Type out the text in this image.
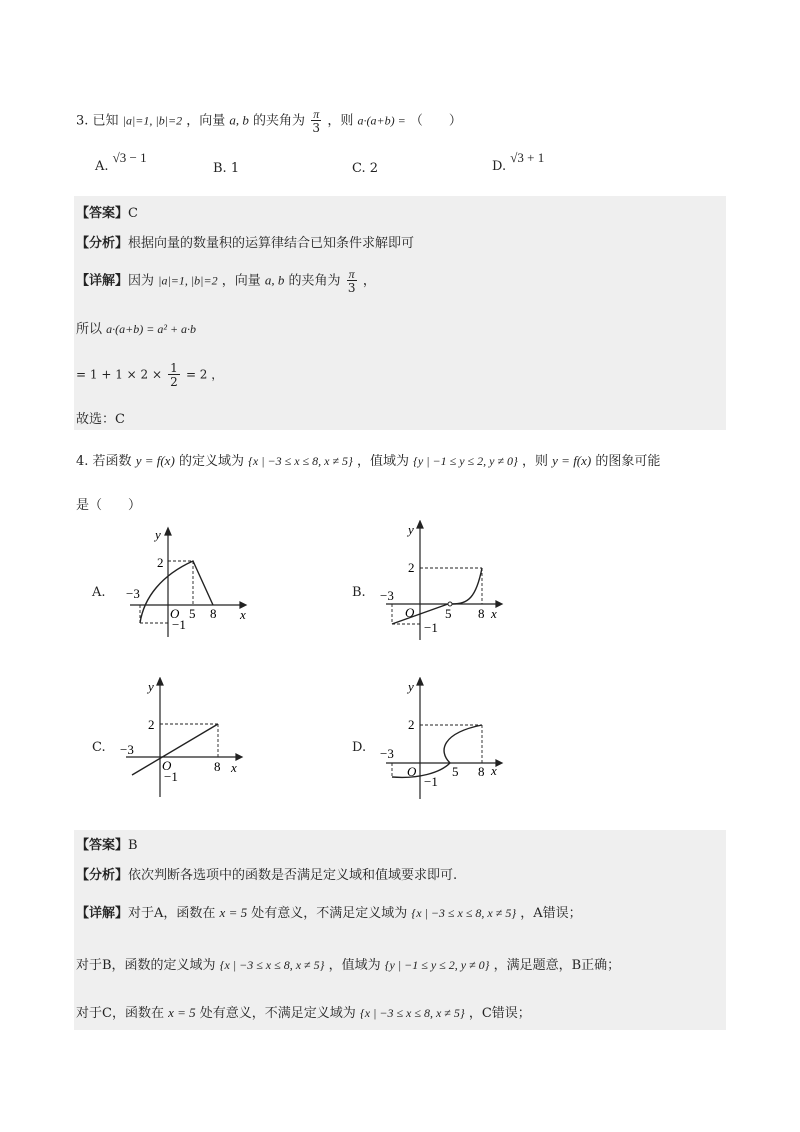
3. 已知 |a|=1, |b|=2 ，向量 a, b 的夹角为 $\frac{\pi}{3}$ ，则 a·(a+b) = （　　）
A. √3 − 1
B. 1	C. 2	D. √3 + 1
【答案】C
【分析】根据向量的数量积的运算律结合已知条件求解即可
【详解】因为 |a|=1, |b|=2 ，向量 a, b 的夹角为 $\frac{\pi}{3}$ ，
所以 a·(a+b) = a² + a·b
= $1 + 1 \times 2 \times \frac{1}{2} = 2$ ，
故选：C
4. 若函数 y = f(x) 的定义域为 {x | −3 ≤ x ≤ 8, x ≠ 5} ，值域为 {y | −1 ≤ y ≤ 2, y ≠ 0} ，则 y = f(x) 的图象可能
是（　　）
A.
y
x
O
−3
2
5 8
−1
B.
y
x
O
−3
2
5 8
−1
C.
y
x
O
−3
2
8
−1
D.
y
x
O
−3
2
5 8
−1
【答案】B
【分析】依次判断各选项中的函数是否满足定义域和值域要求即可.
【详解】对于A，函数在 x = 5 处有意义，不满足定义域为 {x | −3 ≤ x ≤ 8, x ≠ 5} ，A错误；
对于B，函数的定义域为 {x | −3 ≤ x ≤ 8, x ≠ 5} ，值域为 {y | −1 ≤ y ≤ 2, y ≠ 0} ，满足题意，B正确；
对于C，函数在 x = 5 处有意义，不满足定义域为 {x | −3 ≤ x ≤ 8, x ≠ 5} ，C错误；
